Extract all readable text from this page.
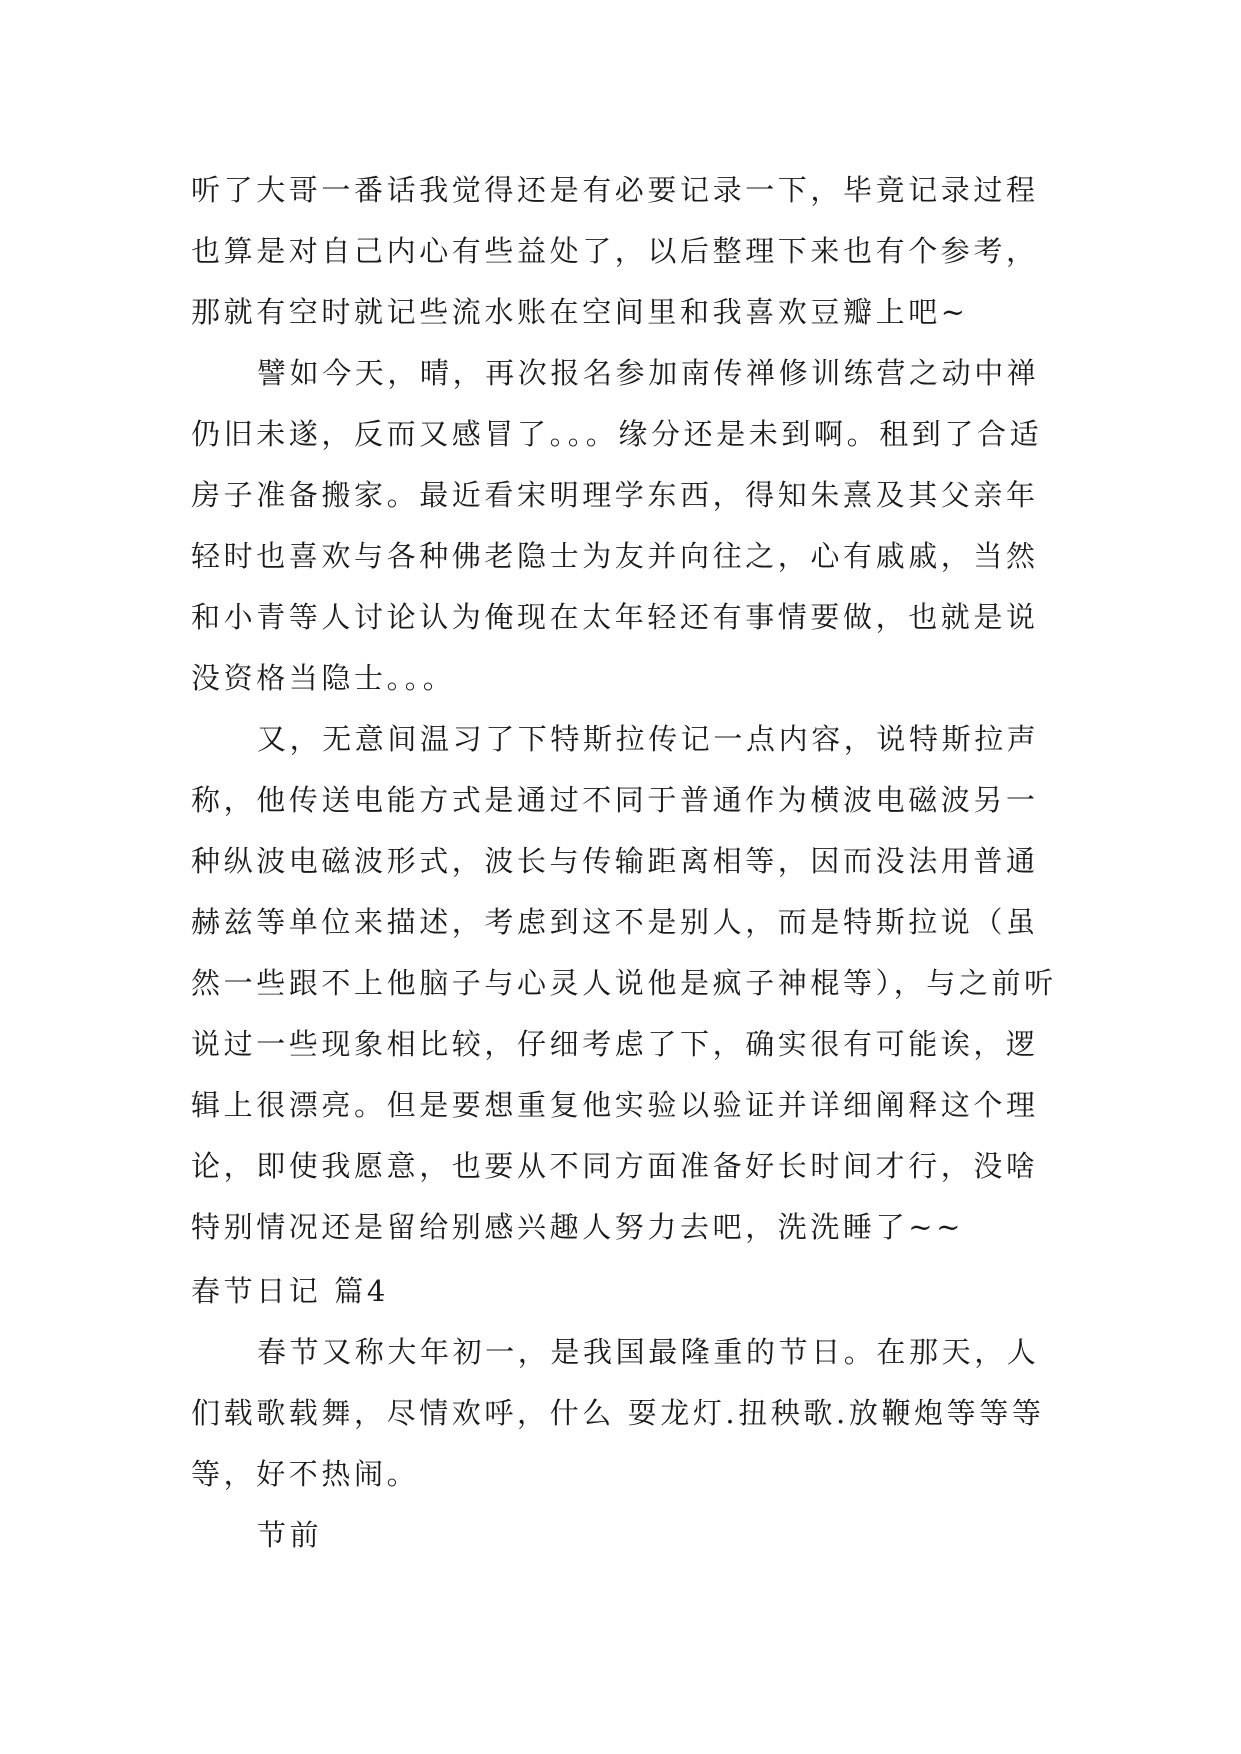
听了大哥一番话我觉得还是有必要记录一下，毕竟记录过程也算是对自己内心有些益处了，以后整理下来也有个参考，那就有空时就记些流水账在空间里和我喜欢豆瓣上吧~

譬如今天，晴，再次报名参加南传禅修训练营之动中禅仍旧未遂，反而又感冒了。。。缘分还是未到啊。租到了合适房子准备搬家。最近看宋明理学东西，得知朱熹及其父亲年轻时也喜欢与各种佛老隐士为友并向往之，心有戚戚，当然和小青等人讨论认为俺现在太年轻还有事情要做，也就是说没资格当隐士。。。

又，无意间温习了下特斯拉传记一点内容，说特斯拉声称，他传送电能方式是通过不同于普通作为横波电磁波另一种纵波电磁波形式，波长与传输距离相等，因而没法用普通赫兹等单位来描述，考虑到这不是别人，而是特斯拉说（虽然一些跟不上他脑子与心灵人说他是疯子神棍等），与之前听说过一些现象相比较，仔细考虑了下，确实很有可能诶，逻辑上很漂亮。但是要想重复他实验以验证并详细阐释这个理论，即使我愿意，也要从不同方面准备好长时间才行，没啥特别情况还是留给别感兴趣人努力去吧，洗洗睡了~~

春节日记 篇4

春节又称大年初一，是我国最隆重的节日。在那天，人们载歌载舞，尽情欢呼，什么 耍龙灯.扭秧歌.放鞭炮等等等等，好不热闹。

节前
